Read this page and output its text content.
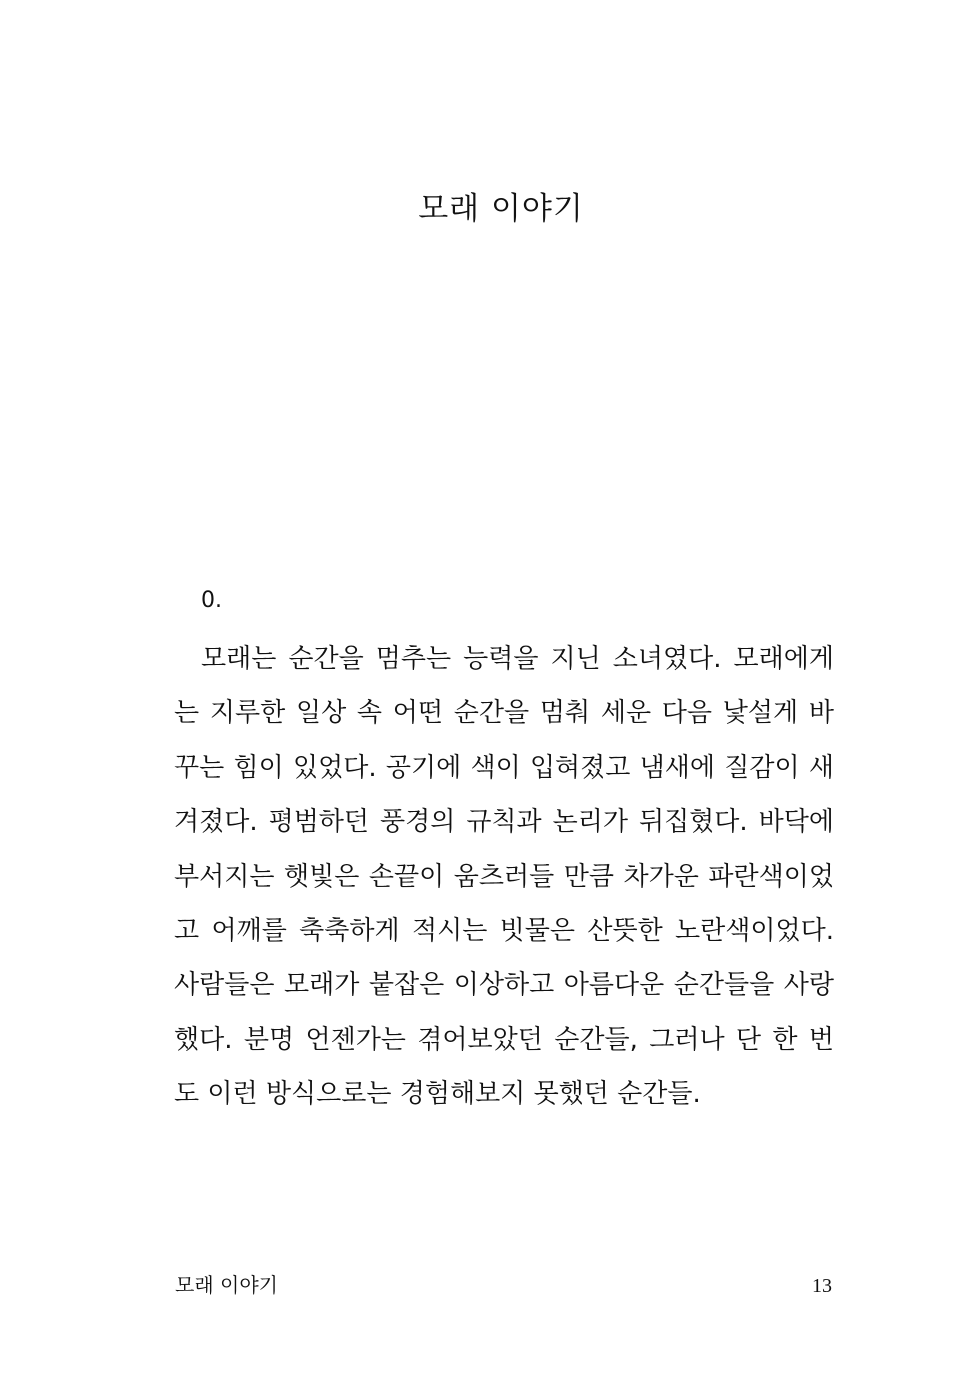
모래 이야기
0.
모래는 순간을 멈추는 능력을 지닌 소녀였다. 모래에게
는 지루한 일상 속 어떤 순간을 멈춰 세운 다음 낯설게 바
꾸는 힘이 있었다. 공기에 색이 입혀졌고 냄새에 질감이 새
겨졌다. 평범하던 풍경의 규칙과 논리가 뒤집혔다. 바닥에
부서지는 햇빛은 손끝이 움츠러들 만큼 차가운 파란색이었
고 어깨를 축축하게 적시는 빗물은 산뜻한 노란색이었다.
사람들은 모래가 붙잡은 이상하고 아름다운 순간들을 사랑
했다. 분명 언젠가는 겪어보았던 순간들, 그러나 단 한 번
도 이런 방식으로는 경험해보지 못했던 순간들.
모래 이야기	13
